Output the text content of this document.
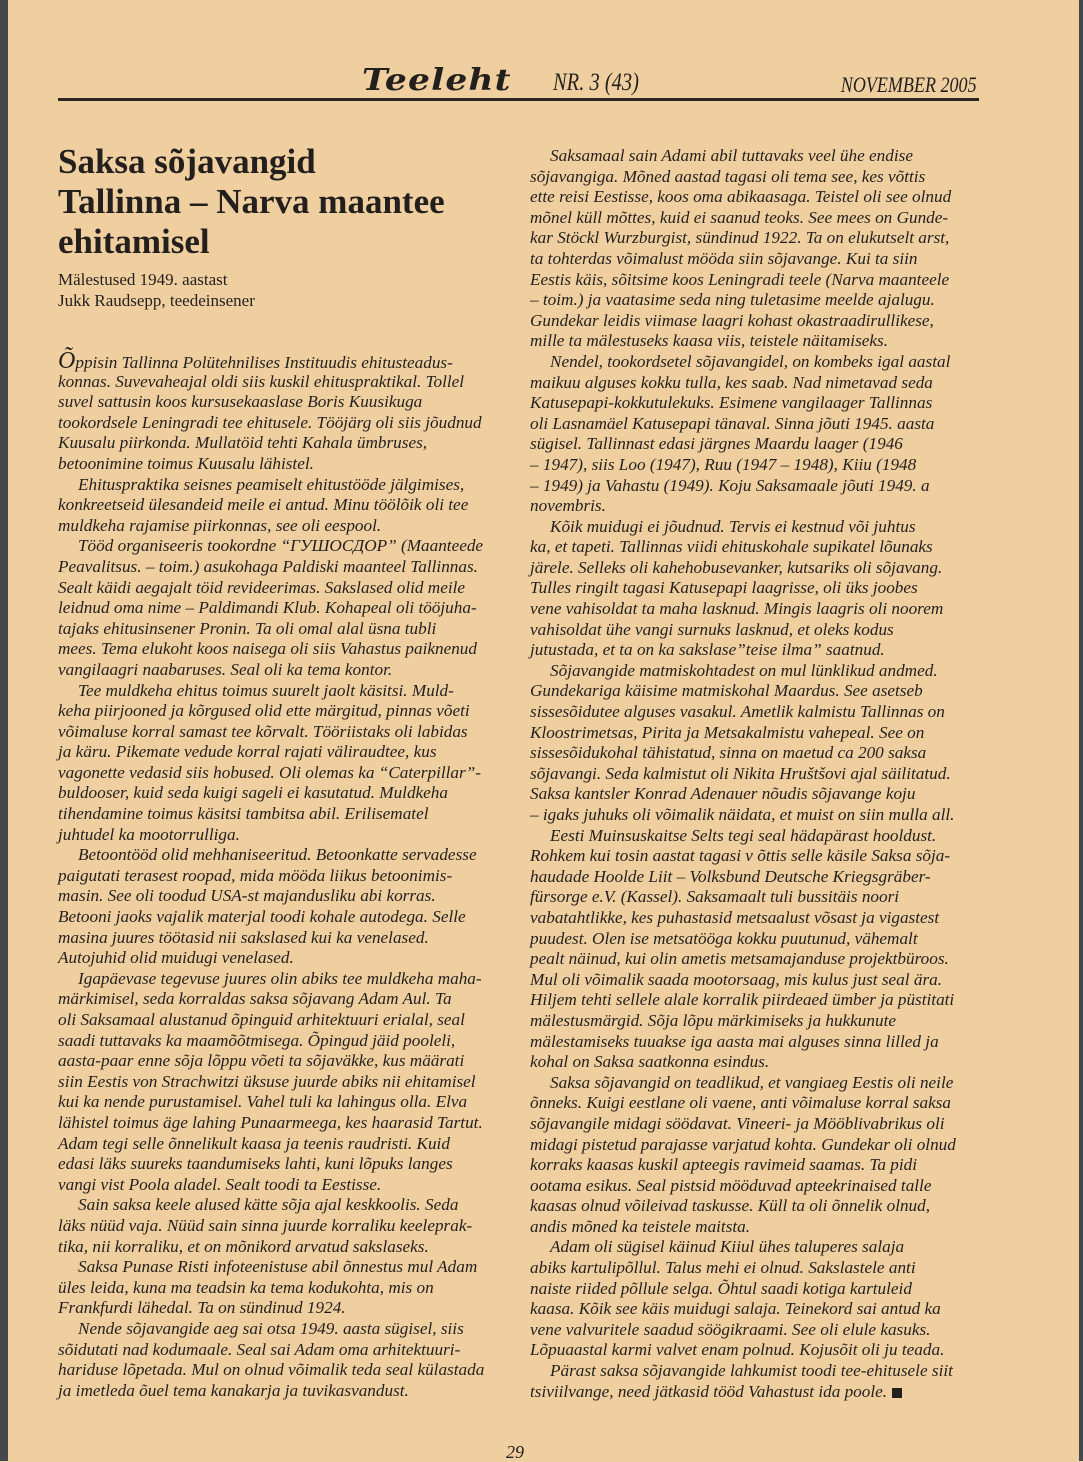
Teeleht NR. 3 (43)	NOVEMBER 2005
Saksa sõjavangid
Tallinna – Narva maantee
ehitamisel
Mälestused 1949. aastast
Jukk Raudsepp, teedeinsener
Õppisin Tallinna Polütehnilises Instituudis ehitusteadus-
konnas. Suvevaheajal oldi siis kuskil ehituspraktikal. Tollel
suvel sattusin koos kursusekaaslase Boris Kuusikuga
tookordsele Leningradi tee ehitusele. Tööjärg oli siis jõudnud
Kuusalu piirkonda. Mullatöid tehti Kahala ümbruses,
betoonimine toimus Kuusalu lähistel.
Ehituspraktika seisnes peamiselt ehitustööde jälgimises,
konkreetseid ülesandeid meile ei antud. Minu töölõik oli tee
muldkeha rajamise piirkonnas, see oli eespool.
Tööd organiseeris tookordne “ГУШОСДОР” (Maanteede
Peavalitsus. – toim.) asukohaga Paldiski maanteel Tallinnas.
Sealt käidi aegajalt töid revideerimas. Sakslased olid meile
leidnud oma nime – Paldimandi Klub. Kohapeal oli tööjuha-
tajaks ehitusinsener Pronin. Ta oli omal alal üsna tubli
mees. Tema elukoht koos naisega oli siis Vahastus paiknenud
vangilaagri naabaruses. Seal oli ka tema kontor.
Tee muldkeha ehitus toimus suurelt jaolt käsitsi. Muld-
keha piirjooned ja kõrgused olid ette märgitud, pinnas võeti
võimaluse korral samast tee kõrvalt. Tööriistaks oli labidas
ja käru. Pikemate vedude korral rajati väliraudtee, kus
vagonette vedasid siis hobused. Oli olemas ka “Caterpillar”-
buldooser, kuid seda kuigi sageli ei kasutatud. Muldkeha
tihendamine toimus käsitsi tambitsa abil. Erilisematel
juhtudel ka mootorrulliga.
Betoontööd olid mehhaniseeritud. Betoonkatte servadesse
paigutati terasest roopad, mida mööda liikus betoonimis-
masin. See oli toodud USA-st majandusliku abi korras.
Betooni jaoks vajalik materjal toodi kohale autodega. Selle
masina juures töötasid nii sakslased kui ka venelased.
Autojuhid olid muidugi venelased.
Igapäevase tegevuse juures olin abiks tee muldkeha maha-
märkimisel, seda korraldas saksa sõjavang Adam Aul. Ta
oli Saksamaal alustanud õpinguid arhitektuuri erialal, seal
saadi tuttavaks ka maamõõtmisega. Õpingud jäid pooleli,
aasta-paar enne sõja lõppu võeti ta sõjaväkke, kus määrati
siin Eestis von Strachwitzi üksuse juurde abiks nii ehitamisel
kui ka nende purustamisel. Vahel tuli ka lahingus olla. Elva
lähistel toimus äge lahing Punaarmeega, kes haarasid Tartut.
Adam tegi selle õnnelikult kaasa ja teenis raudristi. Kuid
edasi läks suureks taandumiseks lahti, kuni lõpuks langes
vangi vist Poola aladel. Sealt toodi ta Eestisse.
Sain saksa keele alused kätte sõja ajal keskkoolis. Seda
läks nüüd vaja. Nüüd sain sinna juurde korraliku keeleprak-
tika, nii korraliku, et on mõnikord arvatud sakslaseks.
Saksa Punase Risti infoteenistuse abil õnnestus mul Adam
üles leida, kuna ma teadsin ka tema kodukohta, mis on
Frankfurdi lähedal. Ta on sündinud 1924.
Nende sõjavangide aeg sai otsa 1949. aasta sügisel, siis
sõidutati nad kodumaale. Seal sai Adam oma arhitektuuri-
hariduse lõpetada. Mul on olnud võimalik teda seal külastada
ja imetleda õuel tema kanakarja ja tuvikasvandust.
Saksamaal sain Adami abil tuttavaks veel ühe endise
sõjavangiga. Mõned aastad tagasi oli tema see, kes võttis
ette reisi Eestisse, koos oma abikaasaga. Teistel oli see olnud
mõnel küll mõttes, kuid ei saanud teoks. See mees on Gunde-
kar Stöckl Wurzburgist, sündinud 1922. Ta on elukutselt arst,
ta tohterdas võimalust mööda siin sõjavange. Kui ta siin
Eestis käis, sõitsime koos Leningradi teele (Narva maanteele
– toim.) ja vaatasime seda ning tuletasime meelde ajalugu.
Gundekar leidis viimase laagri kohast okastraadirullikese,
mille ta mälestuseks kaasa viis, teistele näitamiseks.
Nendel, tookordsetel sõjavangidel, on kombeks igal aastal
maikuu alguses kokku tulla, kes saab. Nad nimetavad seda
Katusepapi-kokkutulekuks. Esimene vangilaager Tallinnas
oli Lasnamäel Katusepapi tänaval. Sinna jõuti 1945. aasta
sügisel. Tallinnast edasi järgnes Maardu laager (1946
– 1947), siis Loo (1947), Ruu (1947 – 1948), Kiiu (1948
– 1949) ja Vahastu (1949). Koju Saksamaale jõuti 1949. a
novembris.
Kõik muidugi ei jõudnud. Tervis ei kestnud või juhtus
ka, et tapeti. Tallinnas viidi ehituskohale supikatel lõunaks
järele. Selleks oli kahehobusevanker, kutsariks oli sõjavang.
Tulles ringilt tagasi Katusepapi laagrisse, oli üks joobes
vene vahisoldat ta maha lasknud. Mingis laagris oli noorem
vahisoldat ühe vangi surnuks lasknud, et oleks kodus
jutustada, et ta on ka sakslase”teise ilma” saatnud.
Sõjavangide matmiskohtadest on mul lünklikud andmed.
Gundekariga käisime matmiskohal Maardus. See asetseb
sissesõidutee alguses vasakul. Ametlik kalmistu Tallinnas on
Kloostrimetsas, Pirita ja Metsakalmistu vahepeal. See on
sissesõidukohal tähistatud, sinna on maetud ca 200 saksa
sõjavangi. Seda kalmistut oli Nikita Hruštšovi ajal säilitatud.
Saksa kantsler Konrad Adenauer nõudis sõjavange koju
– igaks juhuks oli võimalik näidata, et muist on siin mulla all.
Eesti Muinsuskaitse Selts tegi seal hädapärast hooldust.
Rohkem kui tosin aastat tagasi v õttis selle käsile Saksa sõja-
haudade Hoolde Liit – Volksbund Deutsche Kriegsgräber-
fürsorge e.V. (Kassel). Saksamaalt tuli bussitäis noori
vabatahtlikke, kes puhastasid metsaalust võsast ja vigastest
puudest. Olen ise metsatööga kokku puutunud, vähemalt
pealt näinud, kui olin ametis metsamajanduse projektbüroos.
Mul oli võimalik saada mootorsaag, mis kulus just seal ära.
Hiljem tehti sellele alale korralik piirdeaed ümber ja püstitati
mälestusmärgid. Sõja lõpu märkimiseks ja hukkunute
mälestamiseks tuuakse iga aasta mai alguses sinna lilled ja
kohal on Saksa saatkonna esindus.
Saksa sõjavangid on teadlikud, et vangiaeg Eestis oli neile
õnneks. Kuigi eestlane oli vaene, anti võimaluse korral saksa
sõjavangile midagi söödavat. Vineeri- ja Mööblivabrikus oli
midagi pistetud parajasse varjatud kohta. Gundekar oli olnud
korraks kaasas kuskil apteegis ravimeid saamas. Ta pidi
ootama esikus. Seal pistsid mööduvad apteekrinaised talle
kaasas olnud võileivad taskusse. Küll ta oli õnnelik olnud,
andis mõned ka teistele maitsta.
Adam oli sügisel käinud Kiiul ühes taluperes salaja
abiks kartulipõllul. Talus mehi ei olnud. Sakslastele anti
naiste riided põllule selga. Õhtul saadi kotiga kartuleid
kaasa. Kõik see käis muidugi salaja. Teinekord sai antud ka
vene valvuritele saadud söögikraami. See oli elule kasuks.
Lõpuaastal karmi valvet enam polnud. Kojusõit oli ju teada.
Pärast saksa sõjavangide lahkumist toodi tee-ehitusele siit
tsiviilvange, need jätkasid tööd Vahastust ida poole.
29
